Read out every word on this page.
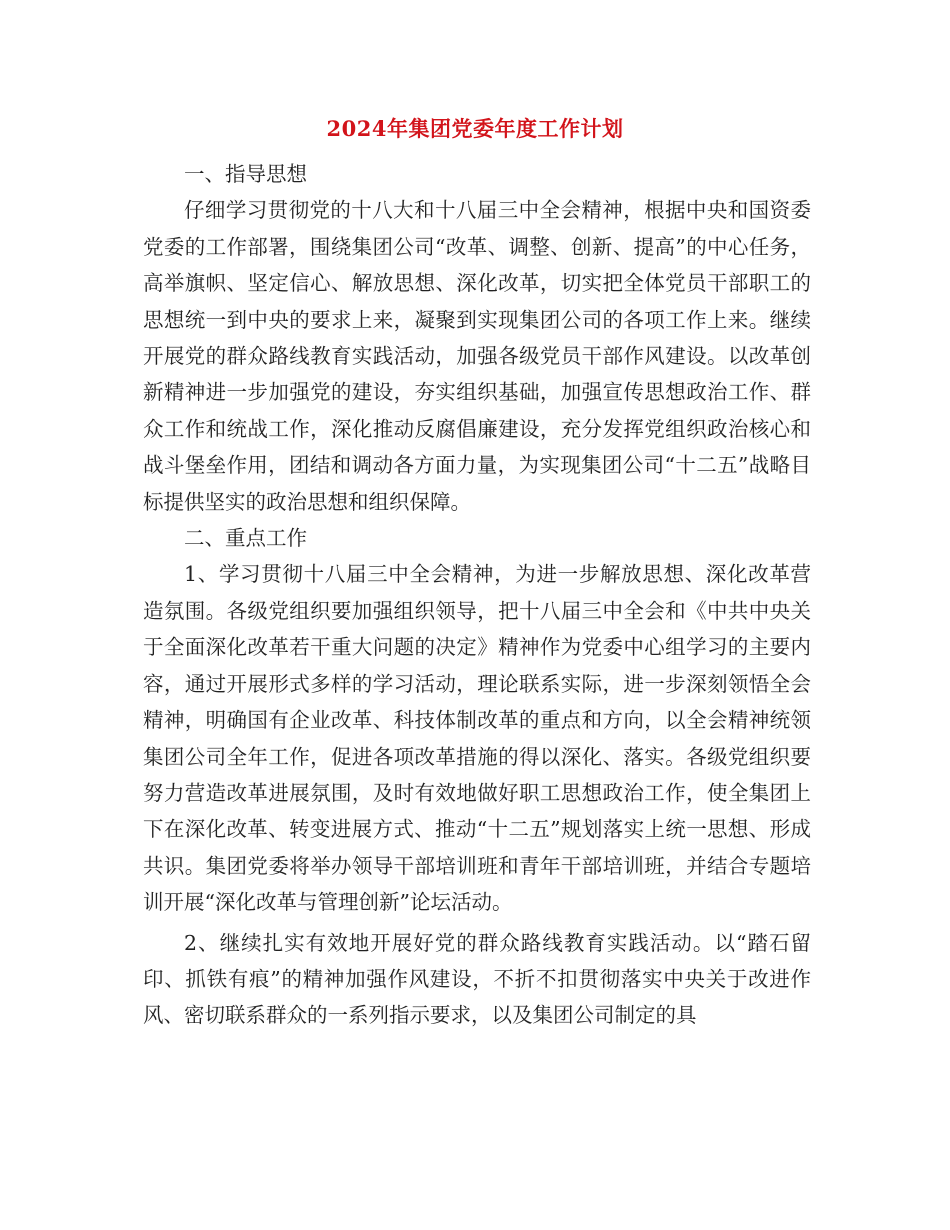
2024年集团党委年度工作计划

一、指导思想

仔细学习贯彻党的十八大和十八届三中全会精神，根据中央和国资委党委的工作部署，围绕集团公司“改革、调整、创新、提高”的中心任务，高举旗帜、坚定信心、解放思想、深化改革，切实把全体党员干部职工的思想统一到中央的要求上来，凝聚到实现集团公司的各项工作上来。继续开展党的群众路线教育实践活动，加强各级党员干部作风建设。以改革创新精神进一步加强党的建设，夯实组织基础，加强宣传思想政治工作、群众工作和统战工作，深化推动反腐倡廉建设，充分发挥党组织政治核心和战斗堡垒作用，团结和调动各方面力量，为实现集团公司“十二五”战略目标提供坚实的政治思想和组织保障。

二、重点工作

1、学习贯彻十八届三中全会精神，为进一步解放思想、深化改革营造氛围。各级党组织要加强组织领导，把十八届三中全会和《中共中央关于全面深化改革若干重大问题的决定》精神作为党委中心组学习的主要内容，通过开展形式多样的学习活动，理论联系实际，进一步深刻领悟全会精神，明确国有企业改革、科技体制改革的重点和方向，以全会精神统领集团公司全年工作，促进各项改革措施的得以深化、落实。各级党组织要努力营造改革进展氛围，及时有效地做好职工思想政治工作，使全集团上下在深化改革、转变进展方式、推动“十二五”规划落实上统一思想、形成共识。集团党委将举办领导干部培训班和青年干部培训班，并结合专题培训开展“深化改革与管理创新”论坛活动。

2、继续扎实有效地开展好党的群众路线教育实践活动。以“踏石留印、抓铁有痕”的精神加强作风建设，不折不扣贯彻落实中央关于改进作风、密切联系群众的一系列指示要求，以及集团公司制定的具
